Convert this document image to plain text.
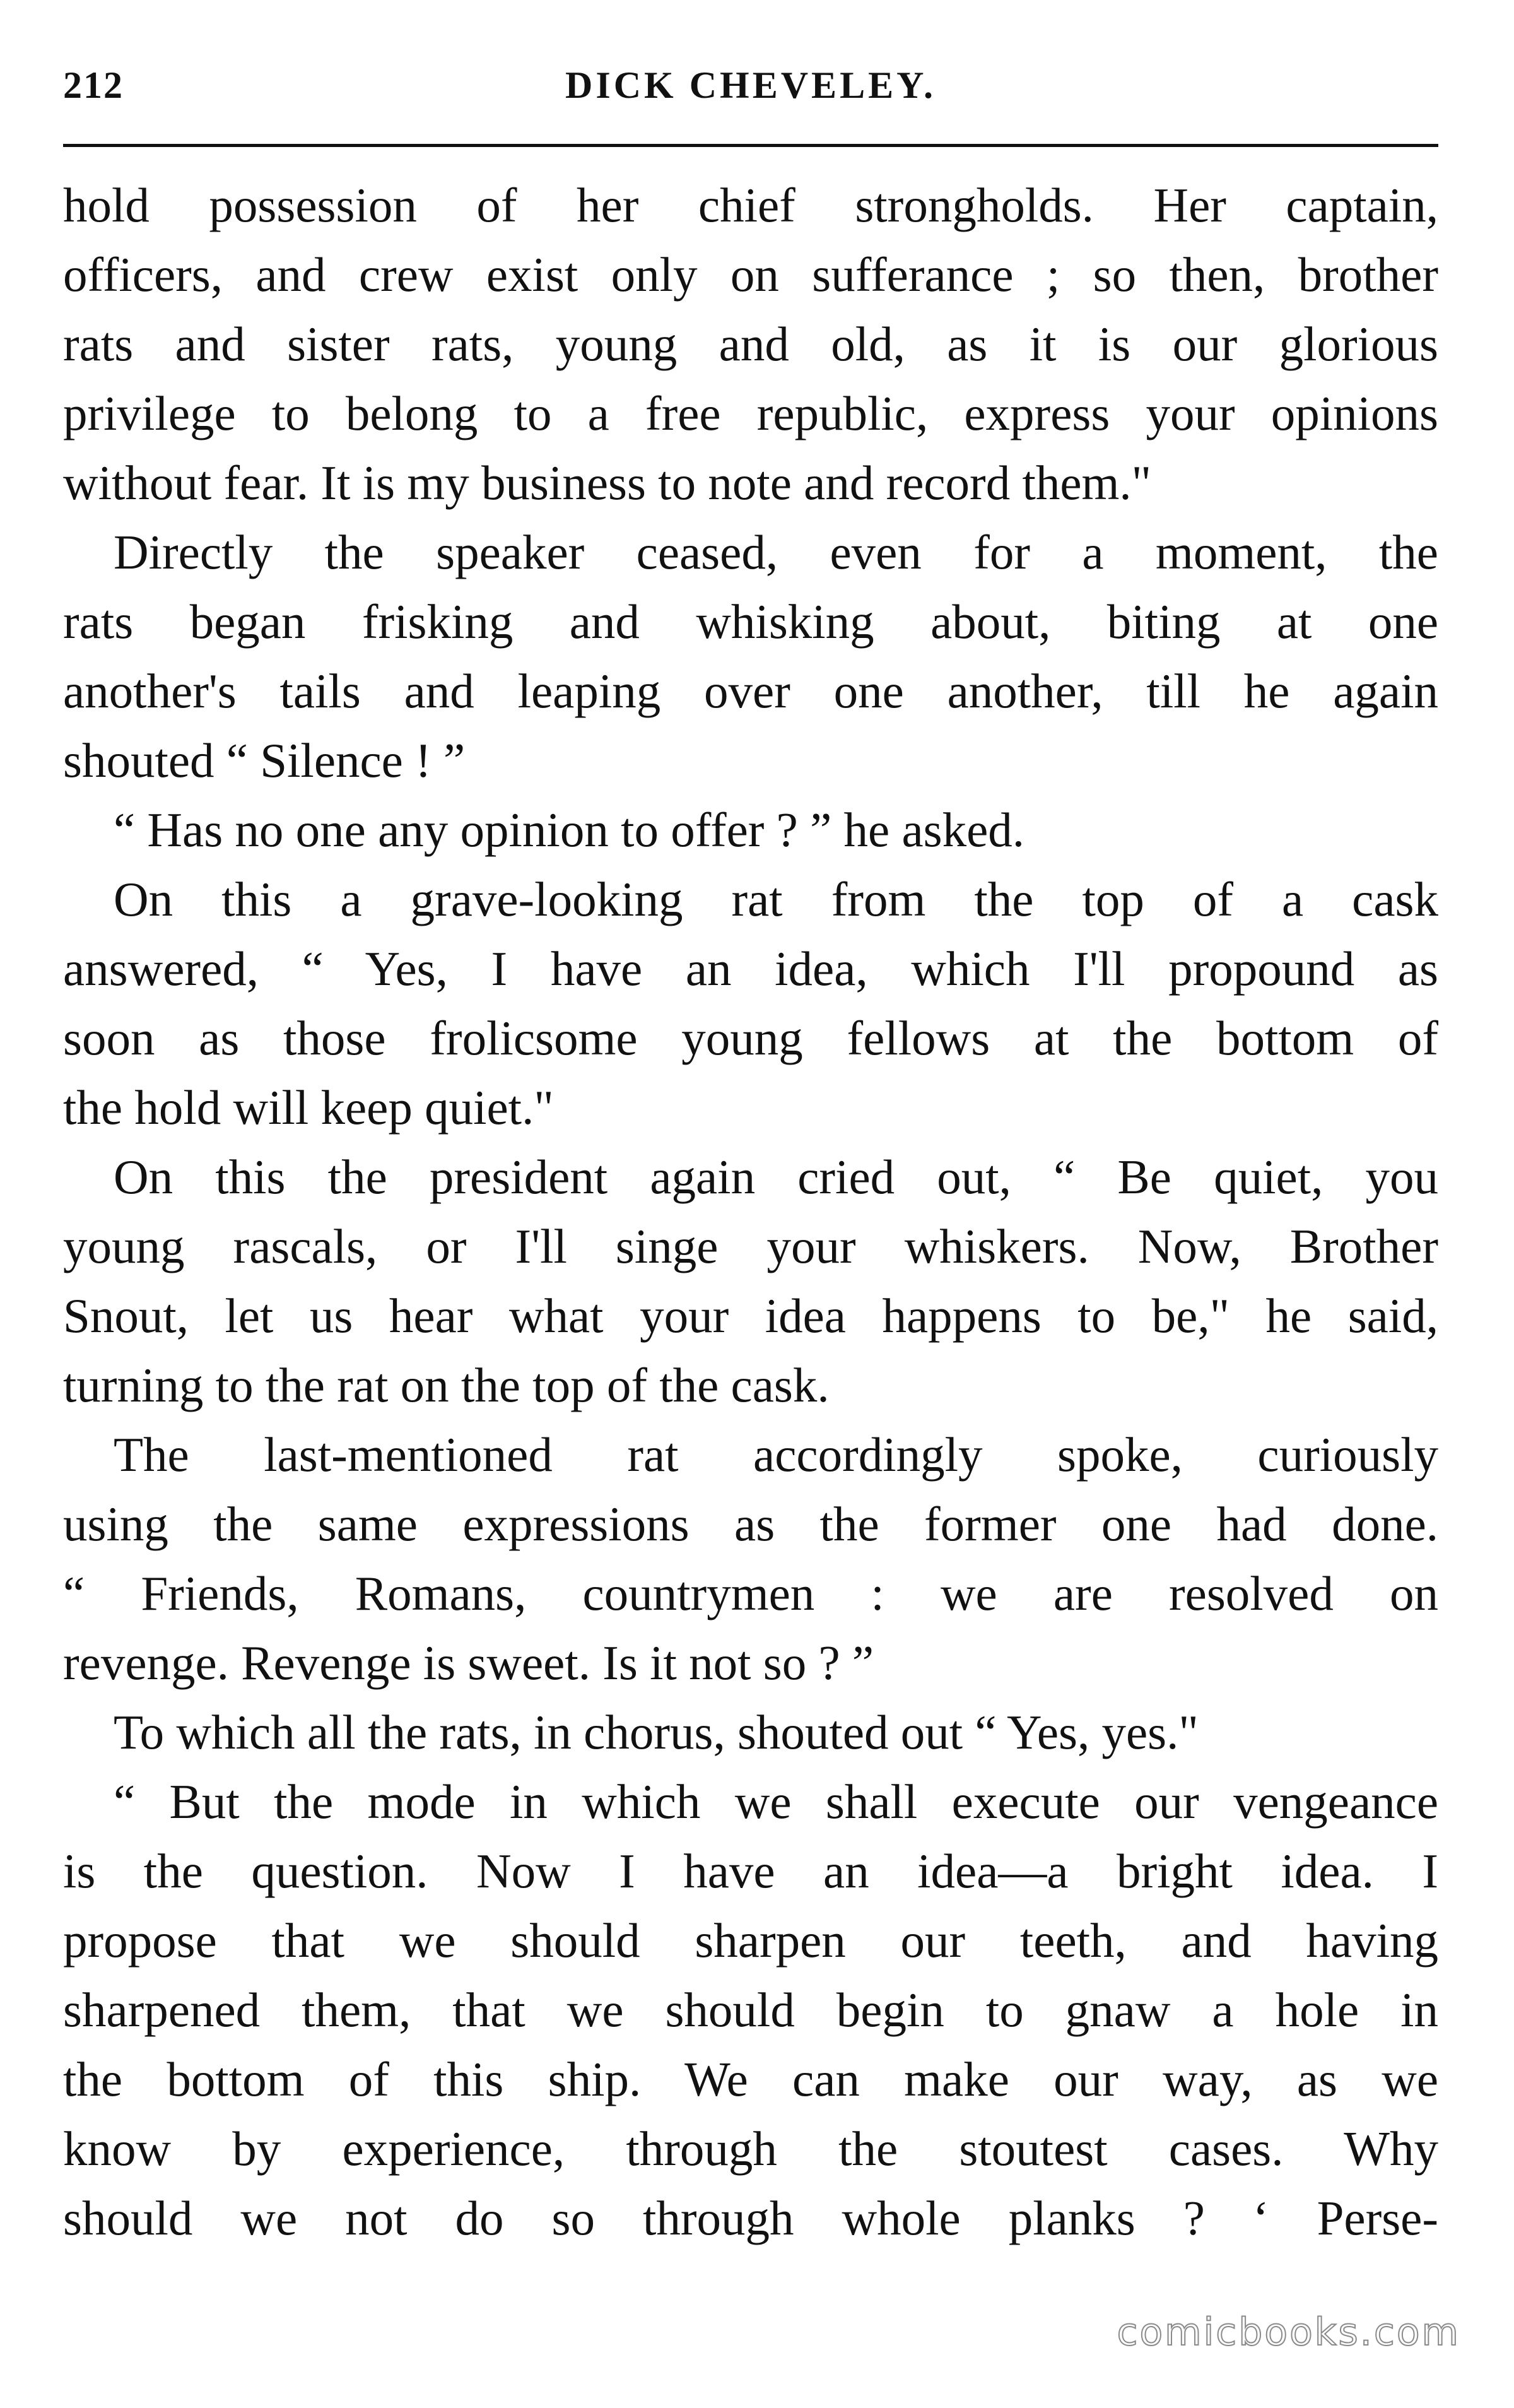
212	DICK CHEVELEY.
hold possession of her chief strongholds. Her captain,
officers, and crew exist only on sufferance ; so then, brother
rats and sister rats, young and old, as it is our glorious
privilege to belong to a free republic, express your opinions
without fear. It is my business to note and record them."
Directly the speaker ceased, even for a moment, the
rats began frisking and whisking about, biting at one
another's tails and leaping over one another, till he again
shouted “ Silence ! ”
“ Has no one any opinion to offer ? ” he asked.
On this a grave-looking rat from the top of a cask
answered, “ Yes, I have an idea, which I'll propound as
soon as those frolicsome young fellows at the bottom of
the hold will keep quiet."
On this the president again cried out, “ Be quiet, you
young rascals, or I'll singe your whiskers. Now, Brother
Snout, let us hear what your idea happens to be," he said,
turning to the rat on the top of the cask.
The last-mentioned rat accordingly spoke, curiously
using the same expressions as the former one had done.
“ Friends, Romans, countrymen : we are resolved on
revenge. Revenge is sweet. Is it not so ? ”
To which all the rats, in chorus, shouted out “ Yes, yes."
“ But the mode in which we shall execute our vengeance
is the question. Now I have an idea—a bright idea. I
propose that we should sharpen our teeth, and having
sharpened them, that we should begin to gnaw a hole in
the bottom of this ship. We can make our way, as we
know by experience, through the stoutest cases. Why
should we not do so through whole planks ? ‘ Perse-
comicbooks.com
